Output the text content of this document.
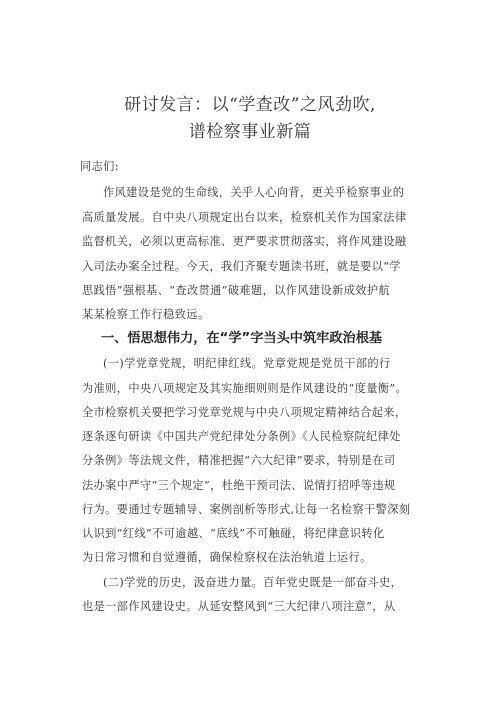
研讨发言：以“学查改”之风劲吹,
谱检察事业新篇
同志们:
作风建设是党的生命线，关乎人心向背，更关乎检察事业的
高质量发展。自中央八项规定出台以来，检察机关作为国家法律
监督机关，必须以更高标准、更严要求贯彻落实，将作风建设融
入司法办案全过程。今天，我们齐聚专题读书班，就是要以“学
思践悟”强根基、“查改贯通”破难题，以作风建设新成效护航
某某检察工作行稳致远。
一、悟思想伟力，在“学”字当头中筑牢政治根基
(一)学党章党规，明纪律红线。党章党规是党员干部的行
为准则，中央八项规定及其实施细则则是作风建设的“度量衡”。
全市检察机关要把学习党章党规与中央八项规定精神结合起来，
逐条逐句研读《中国共产党纪律处分条例》《人民检察院纪律处
分条例》等法规文件，精准把握“六大纪律”要求，特别是在司
法办案中严守“三个规定”，杜绝干预司法、说情打招呼等违规
行为。要通过专题辅导、案例剖析等形式,让每一名检察干警深刻
认识到“红线”不可逾越、“底线”不可触碰，将纪律意识转化
为日常习惯和自觉遵循，确保检察权在法治轨道上运行。
(二)学党的历史，汲奋进力量。百年党史既是一部奋斗史，
也是一部作风建设史。从延安整风到“三大纪律八项注意”，从
